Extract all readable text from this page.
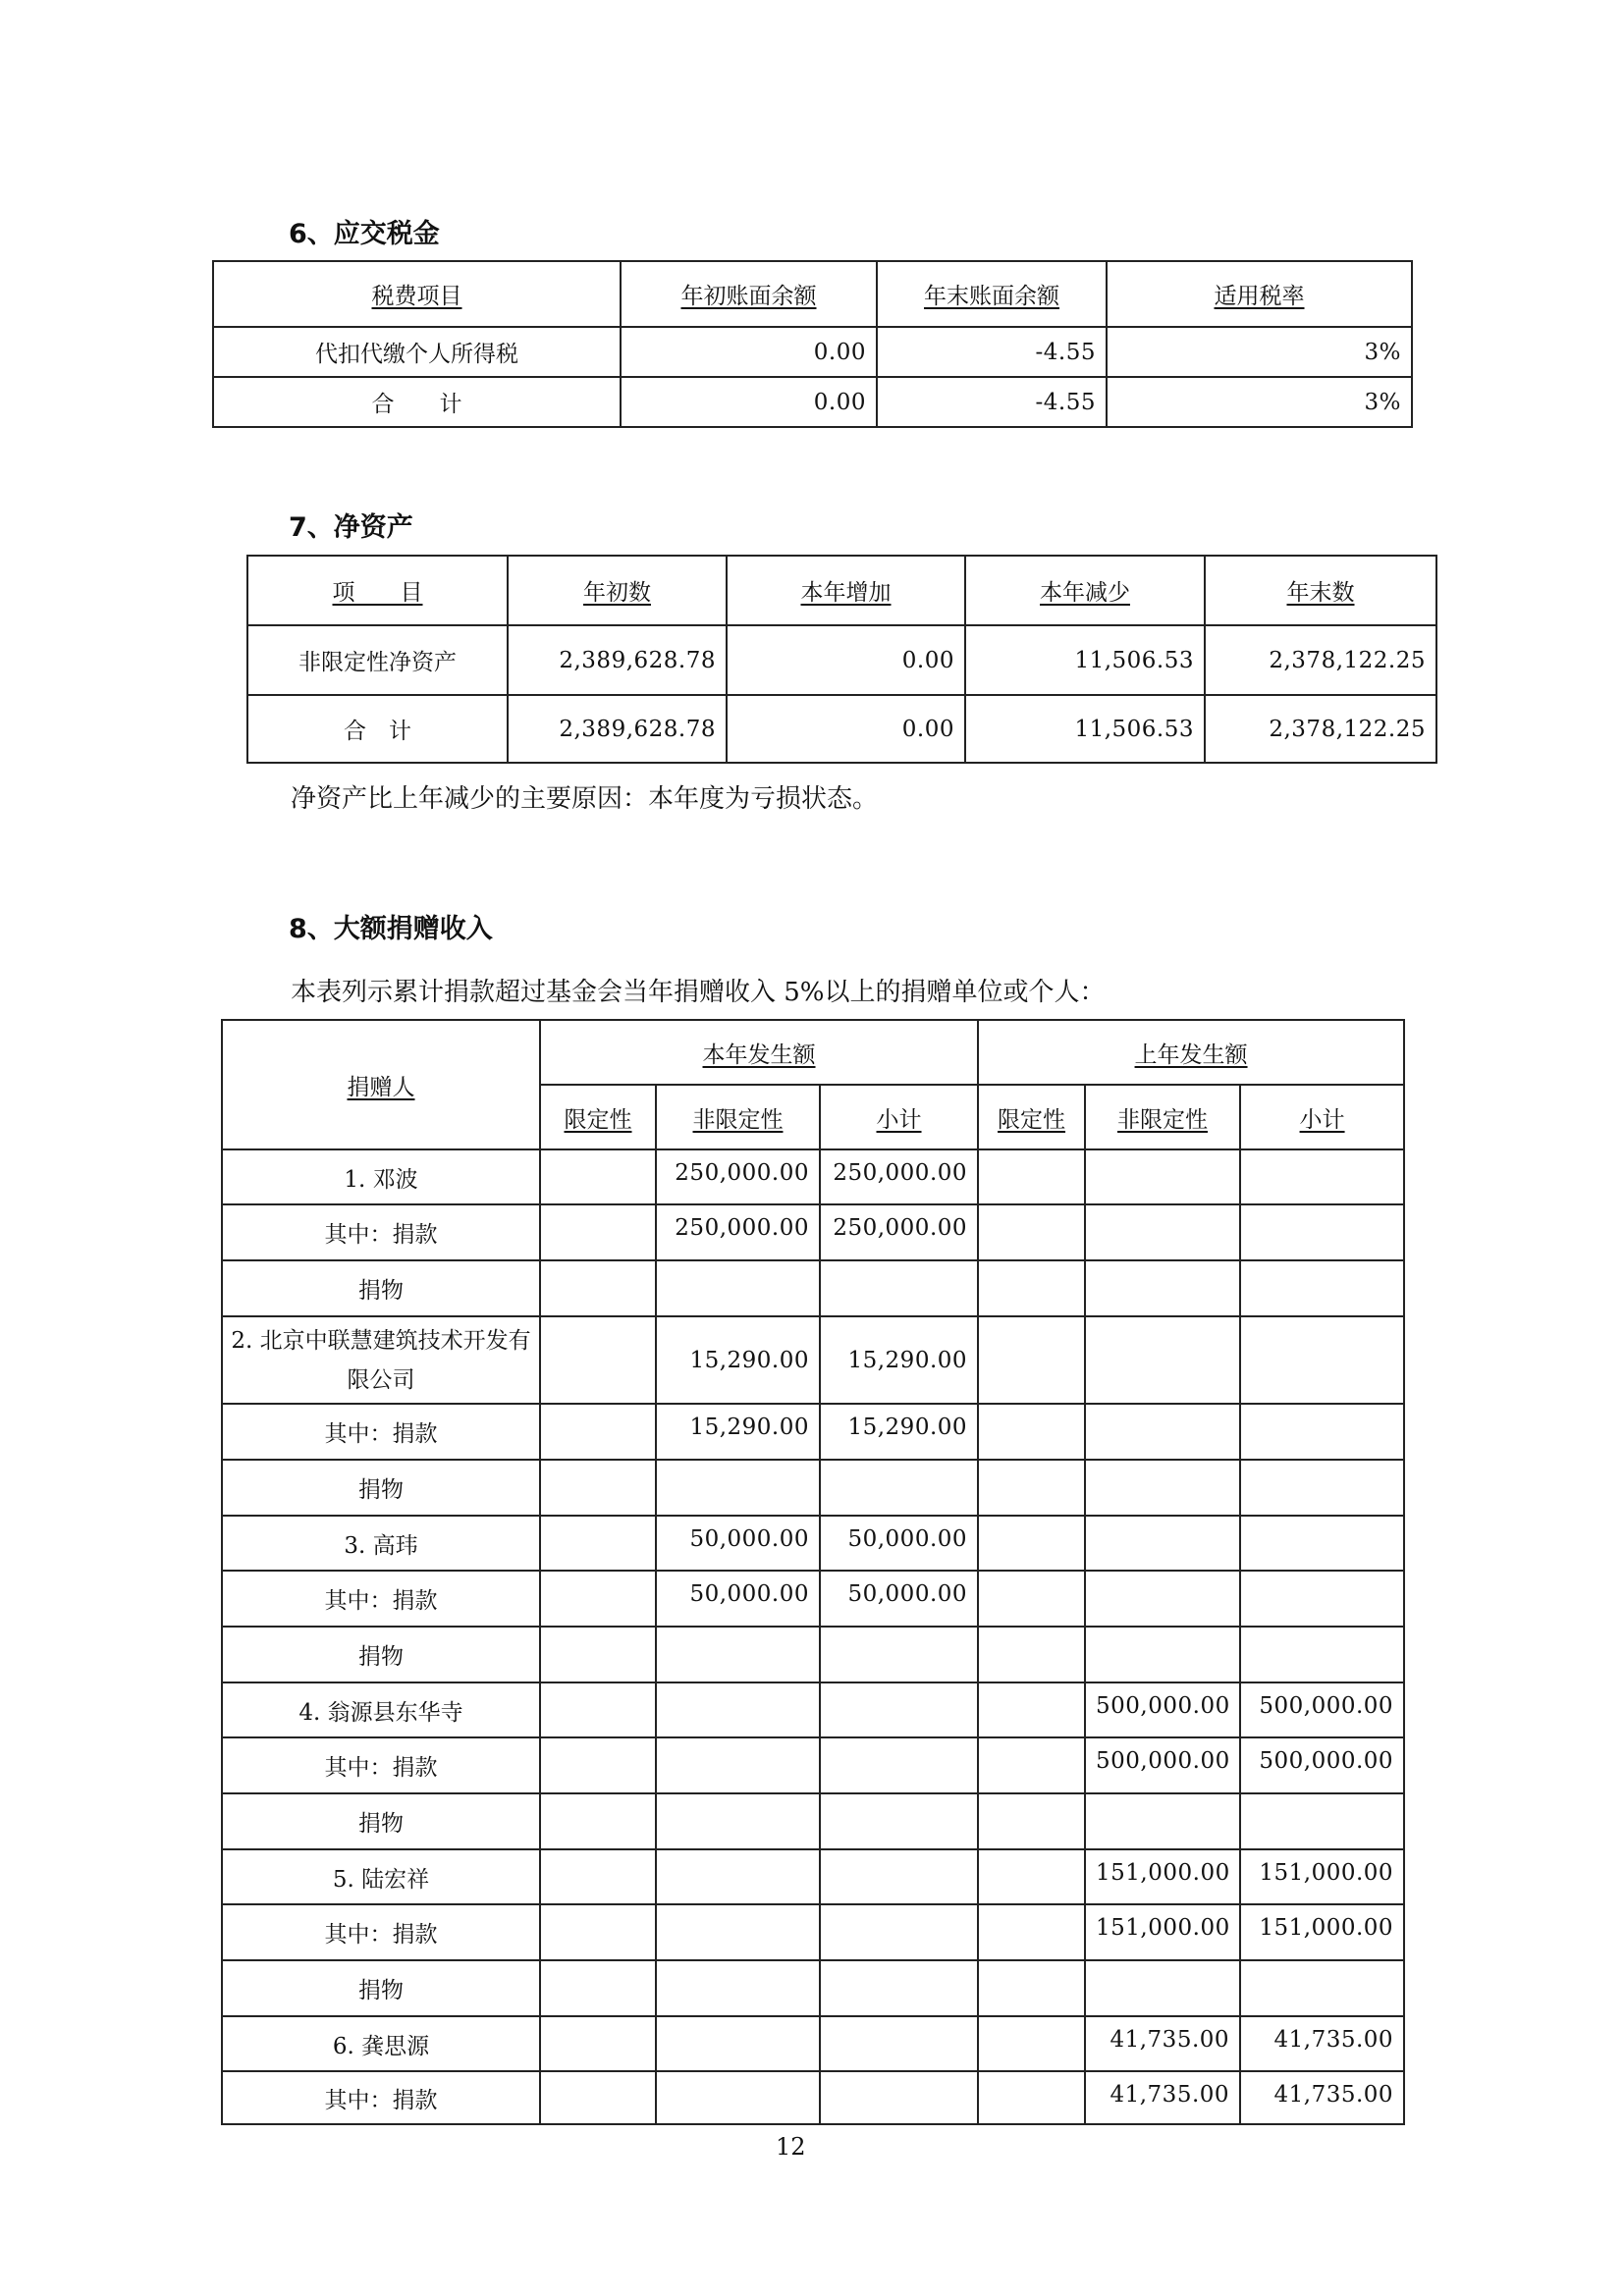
6、应交税金
税费项目	年初账面余额	年末账面余额	适用税率
代扣代缴个人所得税	0.00	-4.55	3%
合　　计	0.00	-4.55	3%
7、净资产
项　　目	年初数	本年增加	本年减少	年末数
非限定性净资产	2,389,628.78	0.00	11,506.53	2,378,122.25
合　计	2,389,628.78	0.00	11,506.53	2,378,122.25
净资产比上年减少的主要原因：本年度为亏损状态。
8、大额捐赠收入
本表列示累计捐款超过基金会当年捐赠收入 5%以上的捐赠单位或个人：
捐赠人	本年发生额			上年发生额		
	限定性	非限定性	小计	限定性	非限定性	小计
1. 邓波		250,000.00	250,000.00			
其中：捐款		250,000.00	250,000.00			
捐物						
2. 北京中联慧建筑技术开发有限公司		15,290.00	15,290.00			
其中：捐款		15,290.00	15,290.00			
捐物						
3. 高玮		50,000.00	50,000.00			
其中：捐款		50,000.00	50,000.00			
捐物						
4. 翁源县东华寺					500,000.00	500,000.00
其中：捐款					500,000.00	500,000.00
捐物						
5. 陆宏祥					151,000.00	151,000.00
其中：捐款					151,000.00	151,000.00
捐物						
6. 龚思源					41,735.00	41,735.00
其中：捐款					41,735.00	41,735.00
12
